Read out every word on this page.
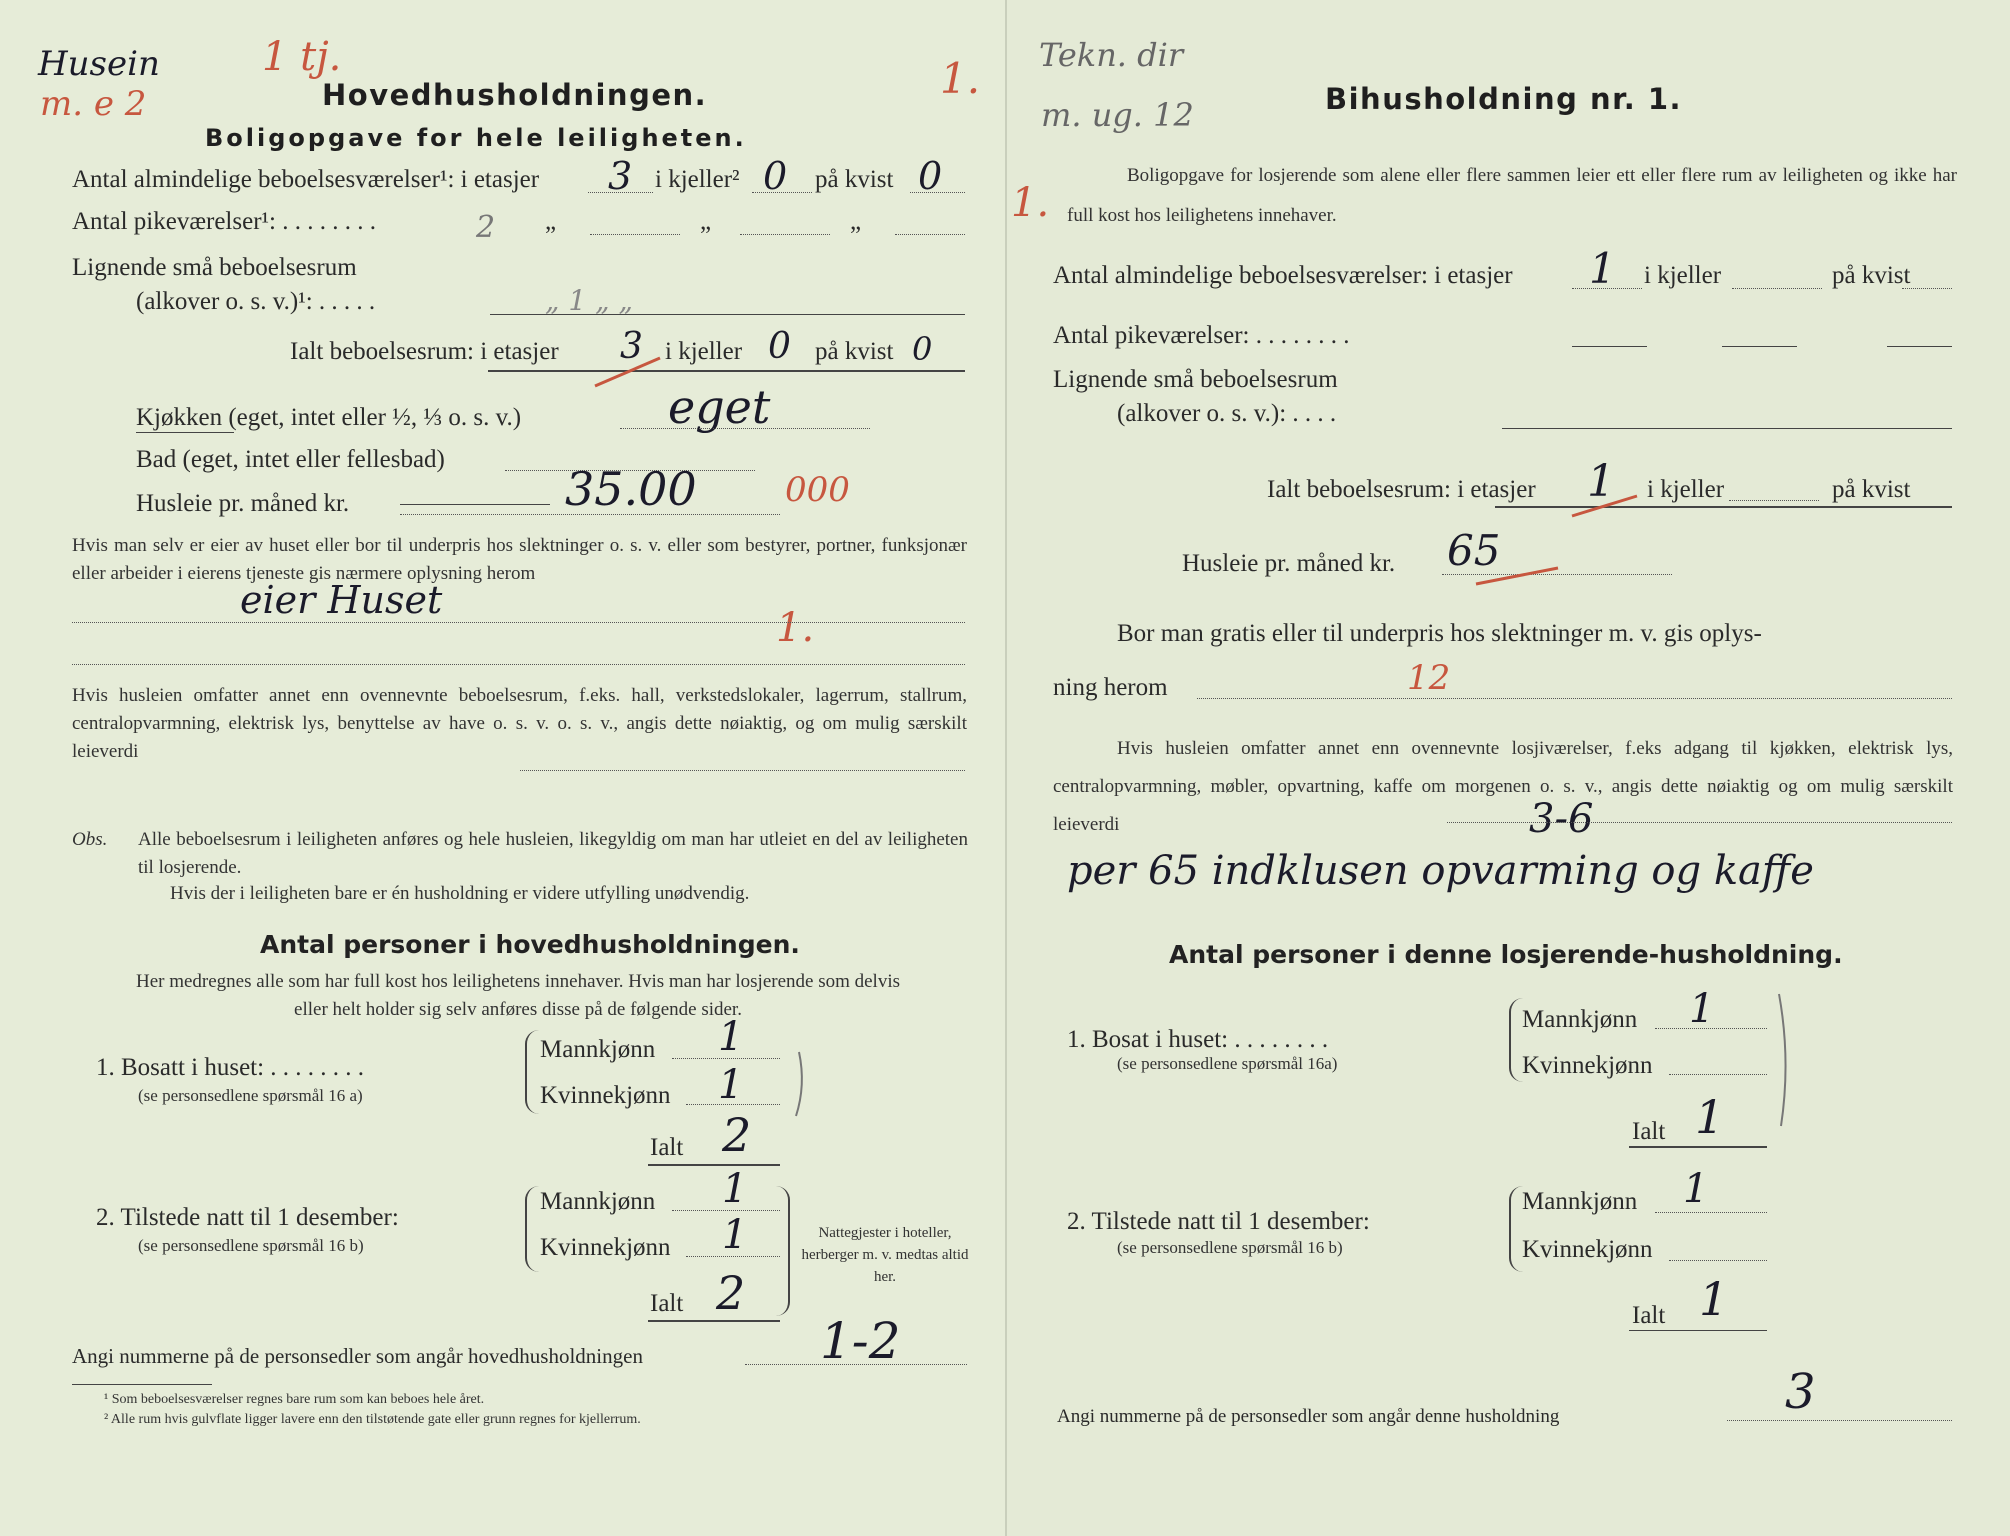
Husein
m. e 2
1 tj.	1.
Hovedhusholdningen.
Boligopgave for hele leiligheten.
Antal almindelige beboelsesværelser¹: i etasjer 3 i kjeller² 0 på kvist 0
Antal pikeværelser¹: . . . . . . . .	2 „	„	„
Lignende små beboelsesrum
(alkover o. s. v.)¹: . . . . .	„ 1 „ „
Ialt beboelsesrum: i etasjer 3 i kjeller 0 på kvist 0
Kjøkken (eget, intet eller ½, ⅓ o. s. v.)	eget
Bad (eget, intet eller fellesbad)
Husleie pr. måned kr.	35.00	000
Hvis man selv er eier av huset eller bor til underpris hos slektninger o. s. v. eller som bestyrer, portner, funksjonær eller arbeider i eierens tjeneste gis nærmere oplysning herom
eier Huset
1.
Hvis husleien omfatter annet enn ovennevnte beboelsesrum, f.eks. hall, verkstedslokaler, lagerrum, stallrum, centralopvarmning, elektrisk lys, benyttelse av have o. s. v. o. s. v., angis dette nøiaktig, og om mulig særskilt leieverdi
Obs. Alle beboelsesrum i leiligheten anføres og hele husleien, likegyldig om man har utleiet en del av leiligheten til losjerende.
Hvis der i leiligheten bare er én husholdning er videre utfylling unødvendig.
Antal personer i hovedhusholdningen.
Her medregnes alle som har full kost hos leilighetens innehaver. Hvis man har losjerende som delvis eller helt holder sig selv anføres disse på de følgende sider.
1. Bosatt i huset: . . . . . . . .
(se personsedlene spørsmål 16 a)
Mannkjønn 1
Kvinnekjønn 1
Ialt 2
2. Tilstede natt til 1 desember:
(se personsedlene spørsmål 16 b)
Mannkjønn 1
Kvinnekjønn 1
Ialt 2
Nattegjester i hoteller, herberger m. v. medtas altid her.
Angi nummerne på de personsedler som angår hovedhusholdningen	1-2
¹ Som beboelsesværelser regnes bare rum som kan beboes hele året.
² Alle rum hvis gulvflate ligger lavere enn den tilstøtende gate eller grunn regnes for kjellerrum.
Tekn. dir
m. ug. 12
1.
Bihusholdning nr. 1.
Boligopgave for losjerende som alene eller flere sammen leier ett eller flere rum av leiligheten og ikke har full kost hos leilighetens innehaver.
Antal almindelige beboelsesværelser: i etasjer 1 i kjeller	på kvist
Antal pikeværelser: . . . . . . . .
Lignende små beboelsesrum
(alkover o. s. v.): . . . .
Ialt beboelsesrum: i etasjer 1 i kjeller	på kvist
Husleie pr. måned kr. 65
Bor man gratis eller til underpris hos slektninger m. v. gis oplys-
ning herom	12
Hvis husleien omfatter annet enn ovennevnte losjiværelser, f.eks adgang til kjøkken, elektrisk lys, centralopvarmning, møbler, opvartning, kaffe om morgenen o. s. v., angis dette nøiaktig og om mulig særskilt leieverdi	3-6
per 65 indklusen opvarming og kaffe
Antal personer i denne losjerende-husholdning.
1. Bosat i huset: . . . . . . . .
(se personsedlene spørsmål 16a)
Mannkjønn 1
Kvinnekjønn
Ialt 1
2. Tilstede natt til 1 desember:
(se personsedlene spørsmål 16 b)
Mannkjønn 1
Kvinnekjønn
Ialt 1
Angi nummerne på de personsedler som angår denne husholdning	3
